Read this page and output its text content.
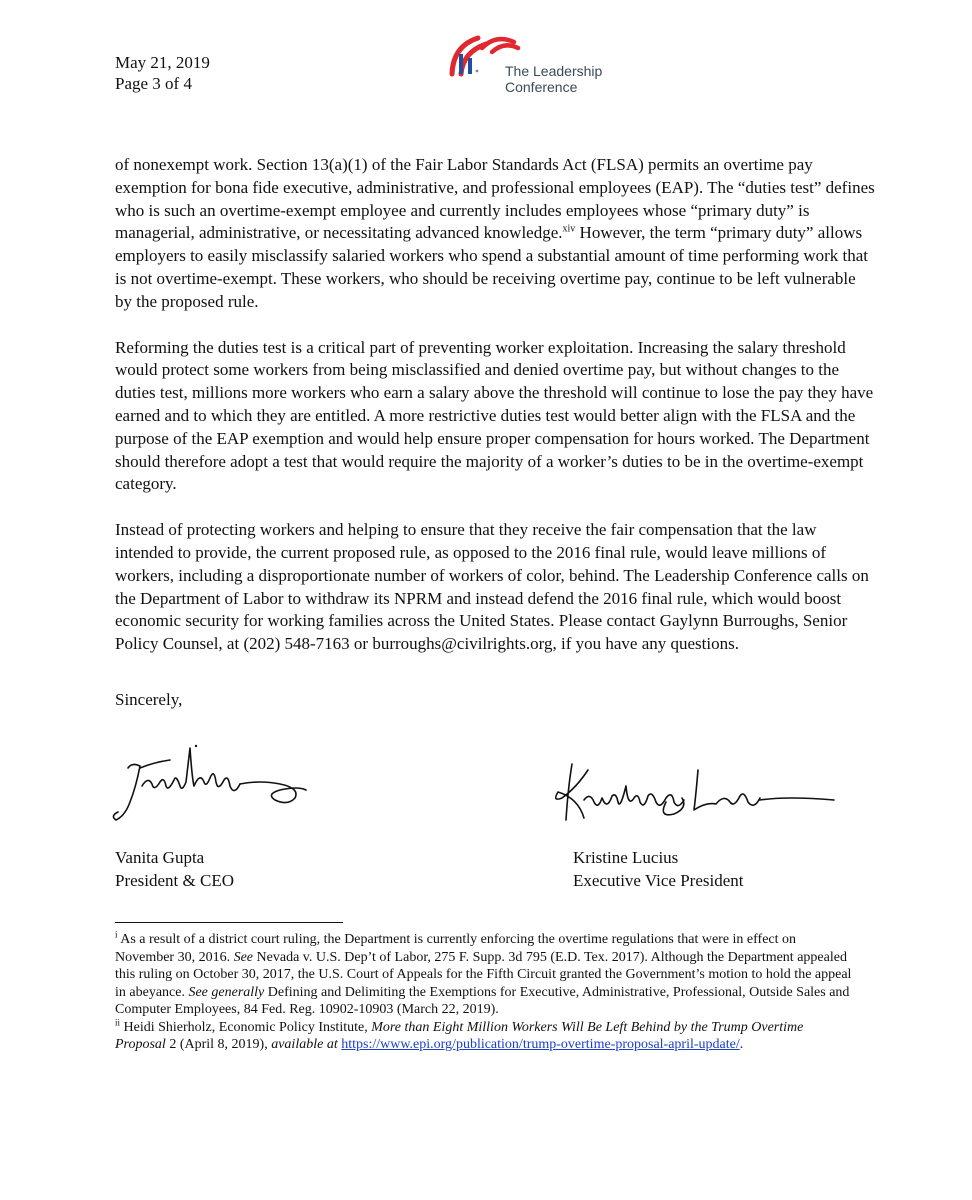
May 21, 2019
Page 3 of 4
The Leadership
Conference

of nonexempt work. Section 13(a)(1) of the Fair Labor Standards Act (FLSA) permits an overtime pay exemption for bona fide executive, administrative, and professional employees (EAP). The “duties test” defines who is such an overtime-exempt employee and currently includes employees whose “primary duty” is managerial, administrative, or necessitating advanced knowledge.$^{xiv}$ However, the term “primary duty” allows employers to easily misclassify salaried workers who spend a substantial amount of time performing work that is not overtime-exempt. These workers, who should be receiving overtime pay, continue to be left vulnerable by the proposed rule.

Reforming the duties test is a critical part of preventing worker exploitation. Increasing the salary threshold would protect some workers from being misclassified and denied overtime pay, but without changes to the duties test, millions more workers who earn a salary above the threshold will continue to lose the pay they have earned and to which they are entitled. A more restrictive duties test would better align with the FLSA and the purpose of the EAP exemption and would help ensure proper compensation for hours worked. The Department should therefore adopt a test that would require the majority of a worker’s duties to be in the overtime-exempt category.

Instead of protecting workers and helping to ensure that they receive the fair compensation that the law intended to provide, the current proposed rule, as opposed to the 2016 final rule, would leave millions of workers, including a disproportionate number of workers of color, behind. The Leadership Conference calls on the Department of Labor to withdraw its NPRM and instead defend the 2016 final rule, which would boost economic security for working families across the United States. Please contact Gaylynn Burroughs, Senior Policy Counsel, at (202) 548-7163 or burroughs@civilrights.org, if you have any questions.

Sincerely,
Vanita Gupta
President & CEO
Kristine Lucius
Executive Vice President

$^i$ As a result of a district court ruling, the Department is currently enforcing the overtime regulations that were in effect on November 30, 2016. See Nevada v. U.S. Dep’t of Labor, 275 F. Supp. 3d 795 (E.D. Tex. 2017). Although the Department appealed this ruling on October 30, 2017, the U.S. Court of Appeals for the Fifth Circuit granted the Government’s motion to hold the appeal in abeyance. See generally Defining and Delimiting the Exemptions for Executive, Administrative, Professional, Outside Sales and Computer Employees, 84 Fed. Reg. 10902-10903 (March 22, 2019).

$^{ii}$ Heidi Shierholz, Economic Policy Institute, More than Eight Million Workers Will Be Left Behind by the Trump Overtime Proposal 2 (April 8, 2019), available at https://www.epi.org/publication/trump-overtime-proposal-april-update/.
